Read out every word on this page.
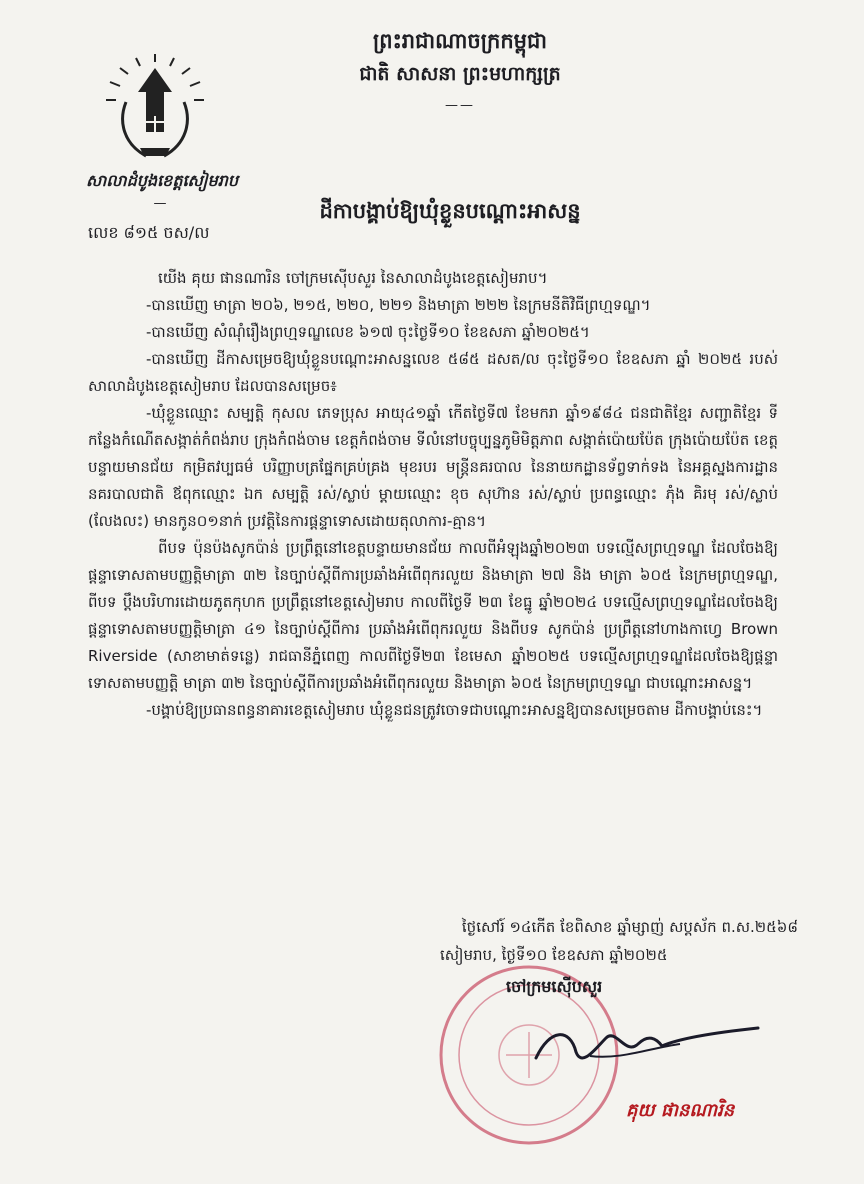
ព្រះរាជាណាចក្រកម្ពុជា
ជាតិ សាសនា ព្រះមហាក្សត្រ
——
សាលាដំបូងខេត្តសៀមរាប
—
លេខ ៨១៥ ចស/ល
ដីកាបង្គាប់ឱ្យឃុំខ្លួនបណ្ដោះអាសន្ន

យើង គុយ ផានណារិន ចៅក្រមស៊ើបសួរ នៃសាលាដំបូងខេត្តសៀមរាប។

-បានឃើញ មាត្រា ២០៦, ២១៥, ២២០, ២២១ និងមាត្រា ២២២ នៃក្រមនីតិវិធីព្រហ្មទណ្ឌ។

-បានឃើញ សំណុំរឿងព្រហ្មទណ្ឌលេខ ៦១៧ ចុះថ្ងៃទី១០ ខែឧសភា ឆ្នាំ២០២៥។

-បានឃើញ ដីកាសម្រេចឱ្យឃុំខ្លួនបណ្ដោះអាសន្នលេខ ៥៨៥ ដសត/ល ចុះថ្ងៃទី១០ ខែឧសភា ឆ្នាំ ២០២៥ របស់សាលាដំបូងខេត្តសៀមរាប ដែលបានសម្រេច៖

-ឃុំខ្លួនឈ្មោះ សម្បត្តិ កុសល ភេទប្រុស អាយុ៤១ឆ្នាំ កើតថ្ងៃទី៧ ខែមករា ឆ្នាំ១៩៨៤ ជនជាតិខ្មែរ សញ្ជាតិខ្មែរ ទីកន្លែងកំណើតសង្កាត់កំពង់រាប ក្រុងកំពង់ចាម ខេត្តកំពង់ចាម ទីលំនៅបច្ចុប្បន្នភូមិមិត្តភាព សង្កាត់ប៉ោយប៉ែត ក្រុងប៉ោយប៉ែត ខេត្តបន្ទាយមានជ័យ កម្រិតវប្បធម៌ បរិញ្ញាបត្រផ្នែកគ្រប់គ្រង មុខរបរ មន្ត្រីនគរបាល នៃនាយកដ្ឋានទ័ព្វទាក់ទង នៃអគ្គស្នងការដ្ឋាននគរបាលជាតិ ឪពុកឈ្មោះ ឯក សម្បត្តិ រស់/ស្លាប់ ម្ដាយឈ្មោះ ខុច សុហ៊ាន រស់/ស្លាប់ ប្រពន្ធឈ្មោះ ភុំង គិរមុ រស់/ស្លាប់ (លែងលះ) មានកូន០១នាក់ ប្រវត្តិនៃការផ្ដន្ទាទោសដោយតុលាការ-គ្មាន។

ពីបទ ប៉ុនប៉ងសូកប៉ាន់ ប្រព្រឹត្តនៅខេត្តបន្ទាយមានជ័យ កាលពីអំឡុងឆ្នាំ២០២៣ បទល្មើសព្រហ្មទណ្ឌ ដែលចែងឱ្យផ្ដន្ទាទោសតាមបញ្ញត្តិមាត្រា ៣២ នៃច្បាប់ស្ដីពីការប្រឆាំងអំពើពុករលួយ និងមាត្រា ២៧ និង មាត្រា ៦០៥ នៃក្រមព្រហ្មទណ្ឌ, ពីបទ ប្ដឹងបរិហារដោយភូតកុហក ប្រព្រឹត្តនៅខេត្តសៀមរាប កាលពីថ្ងៃទី ២៣ ខែធ្នូ ឆ្នាំ២០២៤ បទល្មើសព្រហ្មទណ្ឌដែលចែងឱ្យផ្ដន្ទាទោសតាមបញ្ញត្តិមាត្រា ៤១ នៃច្បាប់ស្ដីពីការ ប្រឆាំងអំពើពុករលួយ និងពីបទ សូកប៉ាន់ ប្រព្រឹត្តនៅហាងកាហ្វេ Brown Riverside (សាខាមាត់ទន្លេ) រាជធានីភ្នំពេញ កាលពីថ្ងៃទី២៣ ខែមេសា ឆ្នាំ២០២៥ បទល្មើសព្រហ្មទណ្ឌដែលចែងឱ្យផ្ដន្ទាទោសតាមបញ្ញត្តិ មាត្រា ៣២ នៃច្បាប់ស្ដីពីការប្រឆាំងអំពើពុករលួយ និងមាត្រា ៦០៥ នៃក្រមព្រហ្មទណ្ឌ ជាបណ្ដោះអាសន្ន។

-បង្គាប់ឱ្យប្រធានពន្ធនាគារខេត្តសៀមរាប ឃុំខ្លួនជនត្រូវចោទជាបណ្ដោះអាសន្នឱ្យបានសម្រេចតាម ដីកាបង្គាប់នេះ។

ថ្ងៃសៅរ៍ ១៤កើត ខែពិសាខ ឆ្នាំម្សាញ់ សប្តស័ក ព.ស.២៥៦៨
សៀមរាប, ថ្ងៃទី១០ ខែឧសភា ឆ្នាំ២០២៥
ចៅក្រមស៊ើបសួរ
គុយ ផានណារិន
